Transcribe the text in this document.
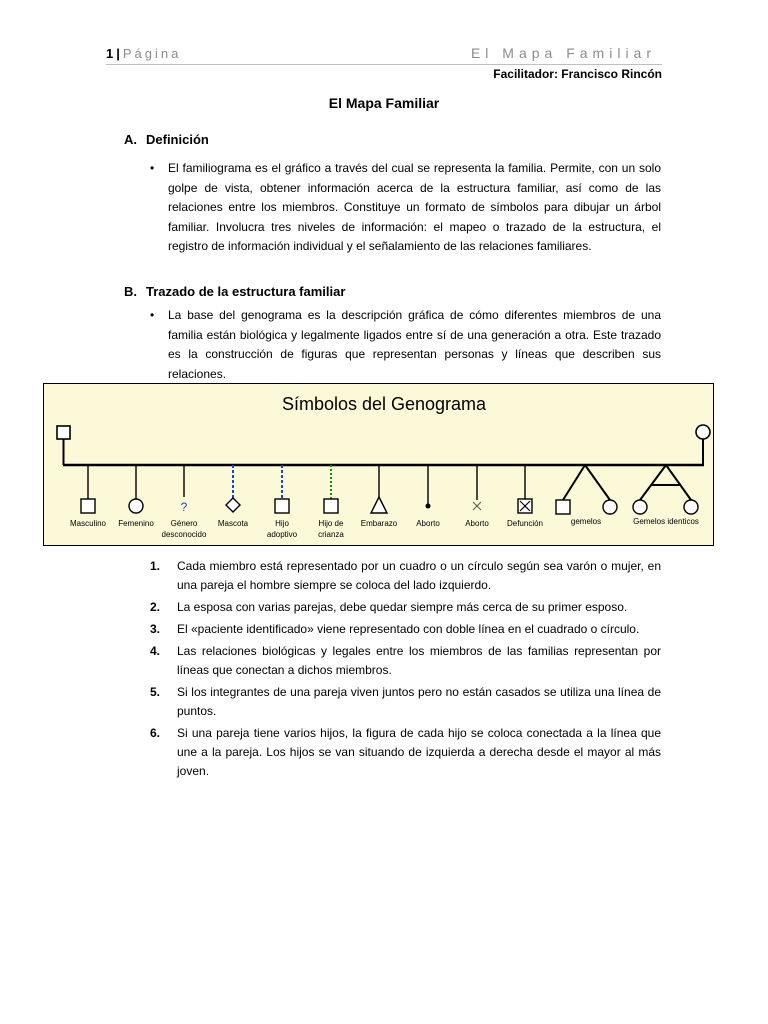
1 | Página	El Mapa Familiar
Facilitador: Francisco Rincón
El Mapa Familiar
A. Definición
• El familiograma es el gráfico a través del cual se representa la familia. Permite, con un solo golpe de vista, obtener información acerca de la estructura familiar, así como de las relaciones entre los miembros. Constituye un formato de símbolos para dibujar un árbol familiar. Involucra tres niveles de información: el mapeo o trazado de la estructura, el registro de información individual y el señalamiento de las relaciones familiares.
B. Trazado de la estructura familiar
• La base del genograma es la descripción gráfica de cómo diferentes miembros de una familia están biológica y legalmente ligados entre sí de una generación a otra. Este trazado es la construcción de figuras que representan personas y líneas que describen sus relaciones.
Símbolos del Genograma
Masculino Femenino
?
Género
desconocido
Mascota	Hijo
adoptivo
Hijo de
crianza
Embarazo Aborto	Aborto Defunción	gemelos	Gemelos identicos
1.	Cada miembro está representado por un cuadro o un círculo según sea varón o mujer, en una pareja el hombre siempre se coloca del lado izquierdo.
2.	La esposa con varias parejas, debe quedar siempre más cerca de su primer esposo.
3.	El «paciente identificado» viene representado con doble línea en el cuadrado o círculo.
4.	Las relaciones biológicas y legales entre los miembros de las familias representan por líneas que conectan a dichos miembros.
5.	Si los integrantes de una pareja viven juntos pero no están casados se utiliza una línea de puntos.
6.	Si una pareja tiene varios hijos, la figura de cada hijo se coloca conectada a la línea que une a la pareja. Los hijos se van situando de izquierda a derecha desde el mayor al más joven.
